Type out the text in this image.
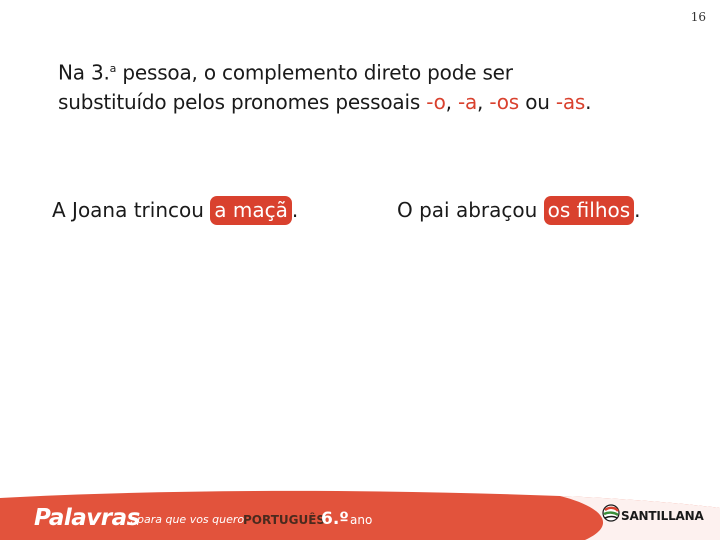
16
Na 3.$^a$ pessoa, o complemento direto pode ser
substituído pelos pronomes pessoais -o, -a, -os ou -as.
A Joana trincou a maçã .	O pai abraçou os filhos .
Palavras
, para que vos quero
PORTUGUÊS
6.º ano	SANTILLANA
